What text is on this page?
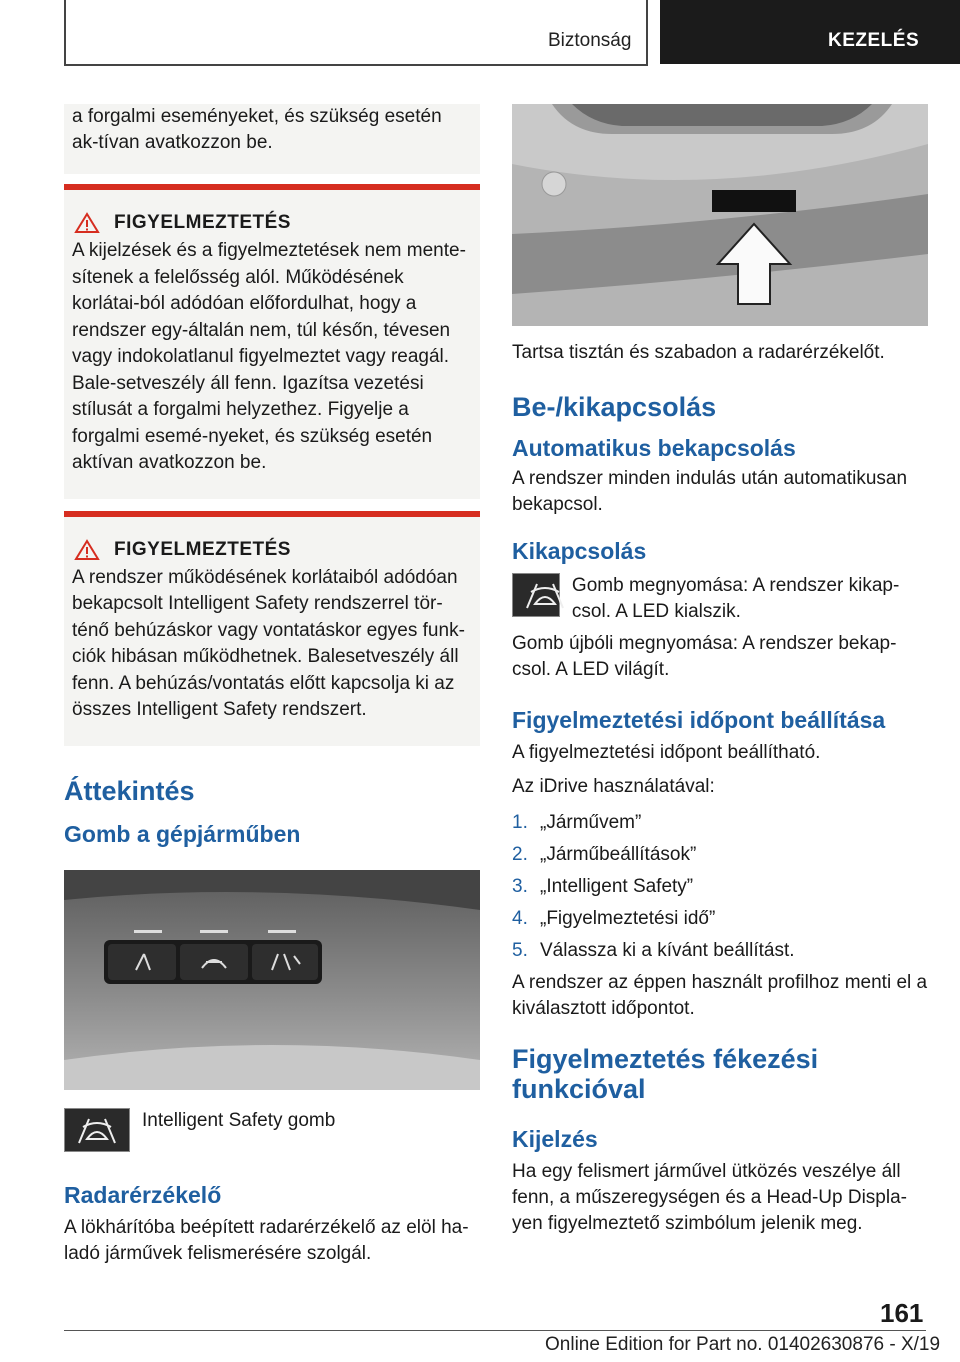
Biztonság	KEZELÉS

a forgalmi eseményeket, és szükség esetén ak-tívan avatkozzon be.

FIGYELMEZTETÉS

A kijelzések és a figyelmeztetések nem mente-sítenek a felelősség alól. Működésének korlátai-ból adódóan előfordulhat, hogy a rendszer egy-általán nem, túl későn, tévesen vagy indokolatlanul figyelmeztet vagy reagál. Bale-setveszély áll fenn. Igazítsa vezetési stílusát a forgalmi helyzethez. Figyelje a forgalmi esemé-nyeket, és szükség esetén aktívan avatkozzon be.

FIGYELMEZTETÉS

A rendszer működésének korlátaiból adódóan bekapcsolt Intelligent Safety rendszerrel tör-ténő behúzáskor vagy vontatáskor egyes funk-ciók hibásan működhetnek. Balesetveszély áll fenn. A behúzás/vontatás előtt kapcsolja ki az összes Intelligent Safety rendszert.

Áttekintés
Gomb a gépjárműben

Intelligent Safety gomb

Radarérzékelő

A lökhárítóba beépített radarérzékelő az elöl ha-ladó járművek felismerésére szolgál.

Tartsa tisztán és szabadon a radarérzékelőt.

Be-/kikapcsolás
Automatikus bekapcsolás

A rendszer minden indulás után automatikusan bekapcsol.

Kikapcsolás

Gomb megnyomása: A rendszer kikap-csol. A LED kialszik.

Gomb újbóli megnyomása: A rendszer bekap-csol. A LED világít.

Figyelmeztetési időpont beállítása

A figyelmeztetési időpont beállítható.

Az iDrive használatával:

1. „Járművem”
2. „Járműbeállítások”
3. „Intelligent Safety”
4. „Figyelmeztetési idő”
5. Válassza ki a kívánt beállítást.

A rendszer az éppen használt profilhoz menti el a kiválasztott időpontot.

Figyelmeztetés fékezési funkcióval
Kijelzés

Ha egy felismert járművel ütközés veszélye áll fenn, a műszeregységen és a Head-Up Displa-yen figyelmeztető szimbólum jelenik meg.

161
Online Edition for Part no. 01402630876 - X/19
